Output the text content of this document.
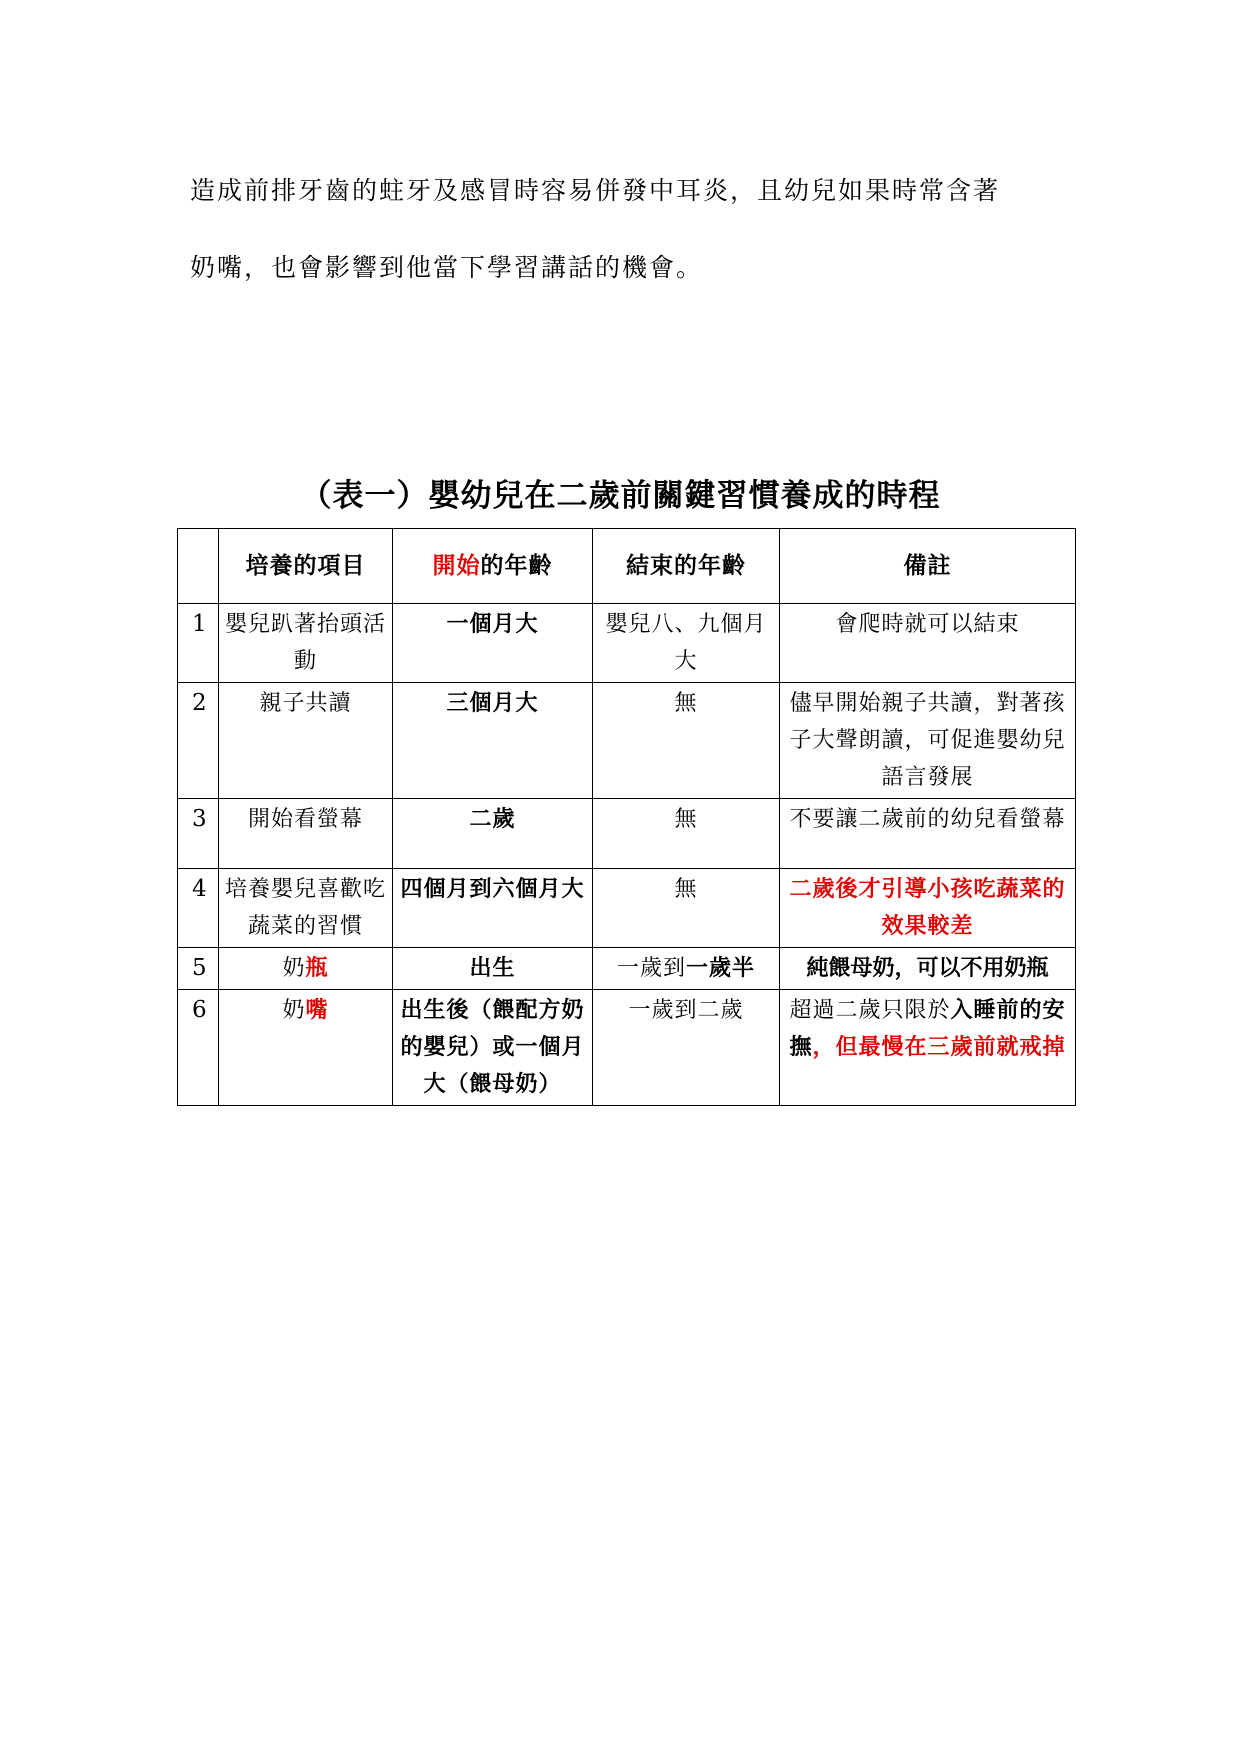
造成前排牙齒的蛀牙及感冒時容易併發中耳炎，且幼兒如果時常含著
奶嘴，也會影響到他當下學習講話的機會。
（表一）嬰幼兒在二歲前關鍵習慣養成的時程
	培養的項目	開始的年齡	結束的年齡	備註
1	嬰兒趴著抬頭活動	一個月大	嬰兒八、九個月大	會爬時就可以結束
2	親子共讀	三個月大	無	儘早開始親子共讀，對著孩子大聲朗讀，可促進嬰幼兒語言發展
3	開始看螢幕	二歲	無	不要讓二歲前的幼兒看螢幕
4	培養嬰兒喜歡吃蔬菜的習慣	四個月到六個月大	無	二歲後才引導小孩吃蔬菜的效果較差
5	奶瓶	出生	一歲到一歲半	純餵母奶，可以不用奶瓶
6	奶嘴	出生後（餵配方奶的嬰兒）或一個月大（餵母奶）	一歲到二歲	超過二歲只限於入睡前的安撫，但最慢在三歲前就戒掉
